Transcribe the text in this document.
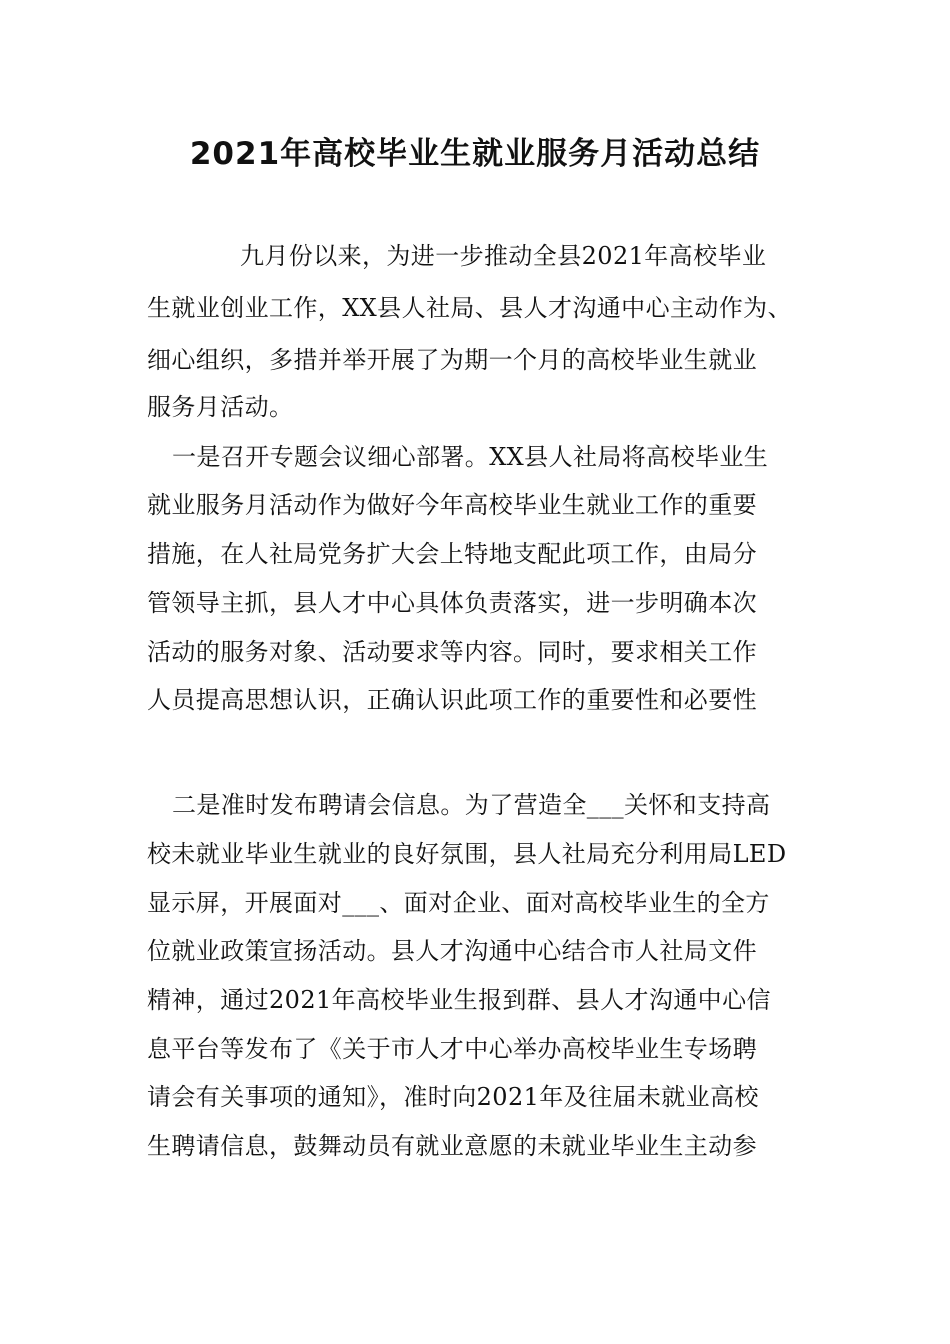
2021年高校毕业生就业服务月活动总结
九月份以来，为进一步推动全县2021年高校毕业
生就业创业工作，XX县人社局、县人才沟通中心主动作为、
细心组织，多措并举开展了为期一个月的高校毕业生就业
服务月活动。
一是召开专题会议细心部署。XX县人社局将高校毕业生
就业服务月活动作为做好今年高校毕业生就业工作的重要
措施，在人社局党务扩大会上特地支配此项工作，由局分
管领导主抓，县人才中心具体负责落实，进一步明确本次
活动的服务对象、活动要求等内容。同时，要求相关工作
人员提高思想认识，正确认识此项工作的重要性和必要性
二是准时发布聘请会信息。为了营造全___关怀和支持高
校未就业毕业生就业的良好氛围，县人社局充分利用局LED
显示屏，开展面对___、面对企业、面对高校毕业生的全方
位就业政策宣扬活动。县人才沟通中心结合市人社局文件
精神，通过2021年高校毕业生报到群、县人才沟通中心信
息平台等发布了《关于市人才中心举办高校毕业生专场聘
请会有关事项的通知》，准时向2021年及往届未就业高校
生聘请信息，鼓舞动员有就业意愿的未就业毕业生主动参
